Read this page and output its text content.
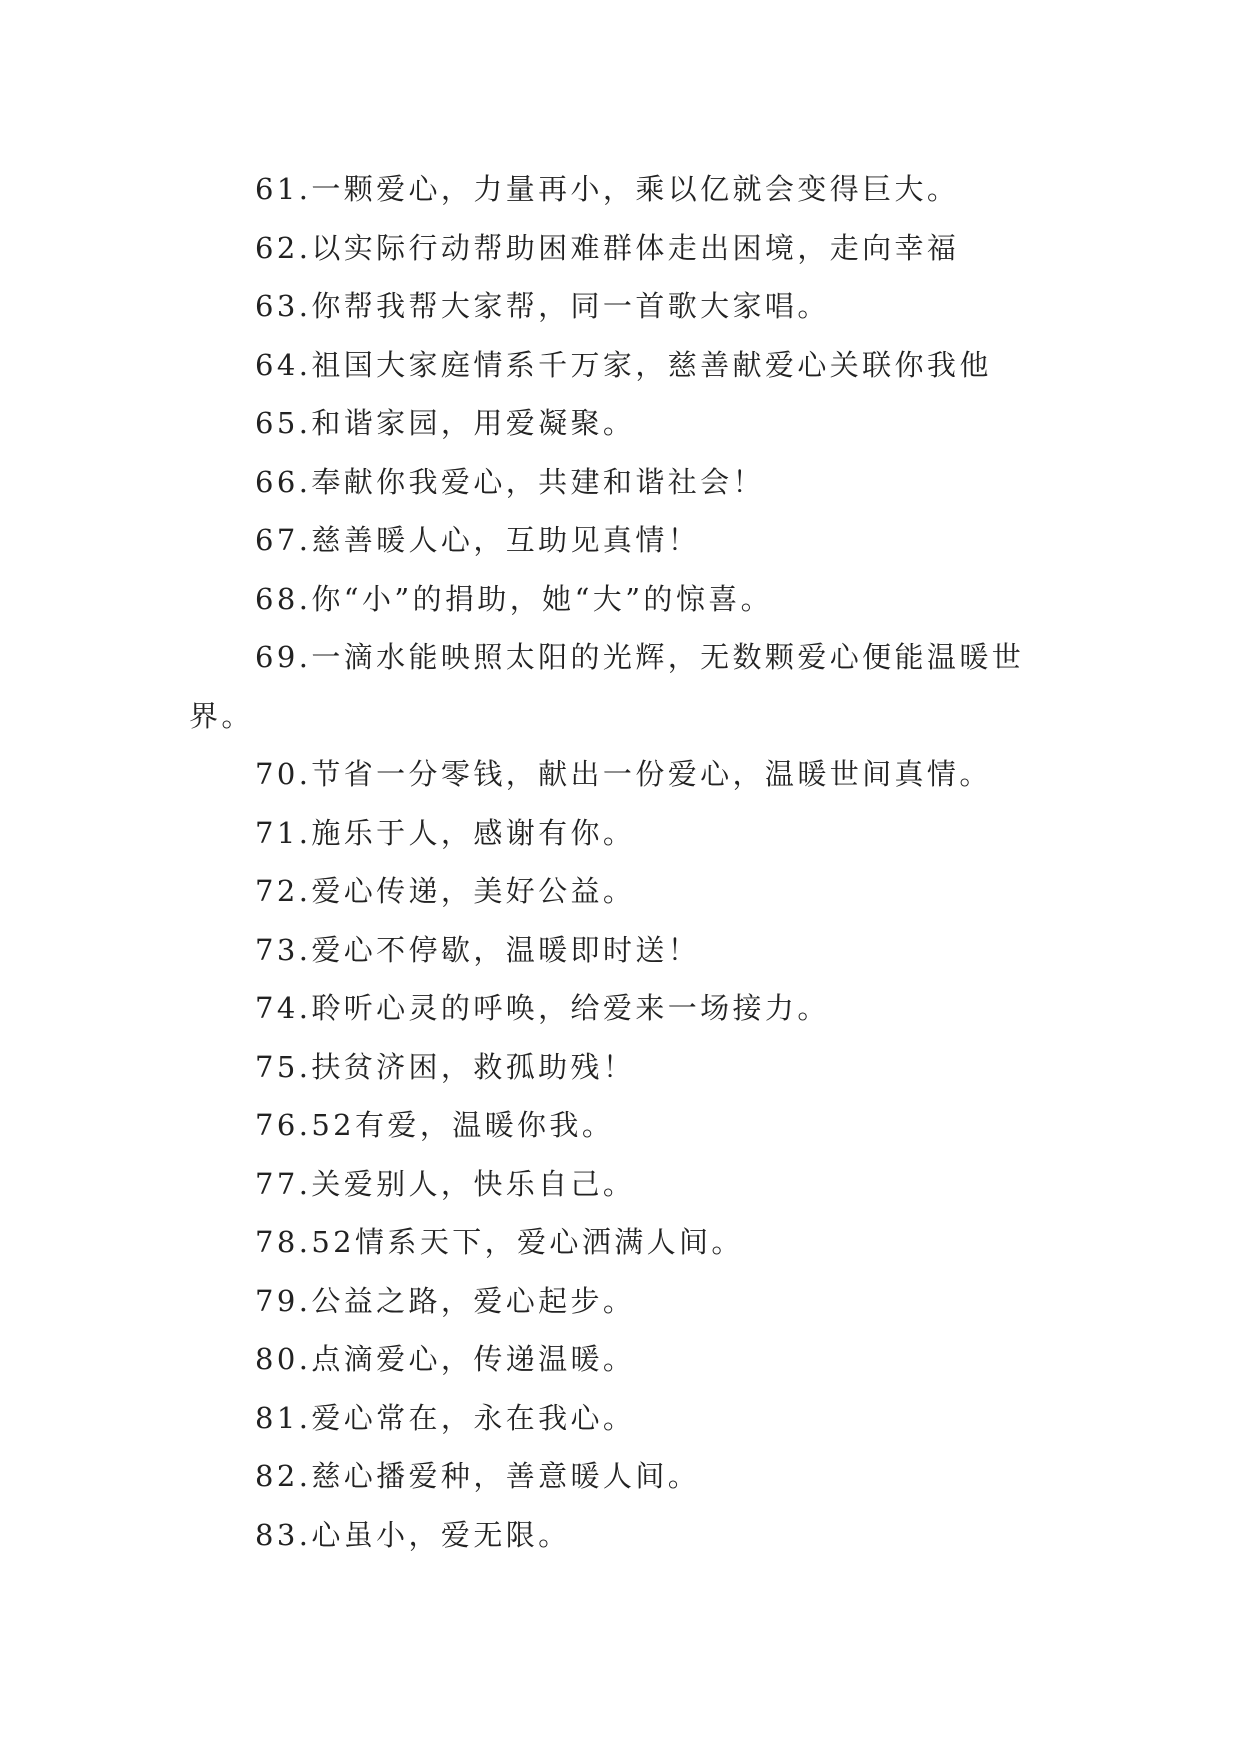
61.一颗爱心，力量再小，乘以亿就会变得巨大。

62.以实际行动帮助困难群体走出困境，走向幸福

63.你帮我帮大家帮，同一首歌大家唱。

64.祖国大家庭情系千万家，慈善献爱心关联你我他

65.和谐家园，用爱凝聚。

66.奉献你我爱心，共建和谐社会！

67.慈善暖人心，互助见真情！

68.你“小”的捐助，她“大”的惊喜。

69.一滴水能映照太阳的光辉，无数颗爱心便能温暖世界。

70.节省一分零钱，献出一份爱心，温暖世间真情。

71.施乐于人，感谢有你。

72.爱心传递，美好公益。

73.爱心不停歇，温暖即时送！

74.聆听心灵的呼唤，给爱来一场接力。

75.扶贫济困，救孤助残！

76.52有爱，温暖你我。

77.关爱别人，快乐自己。

78.52情系天下，爱心洒满人间。

79.公益之路，爱心起步。

80.点滴爱心，传递温暖。

81.爱心常在，永在我心。

82.慈心播爱种，善意暖人间。

83.心虽小，爱无限。
